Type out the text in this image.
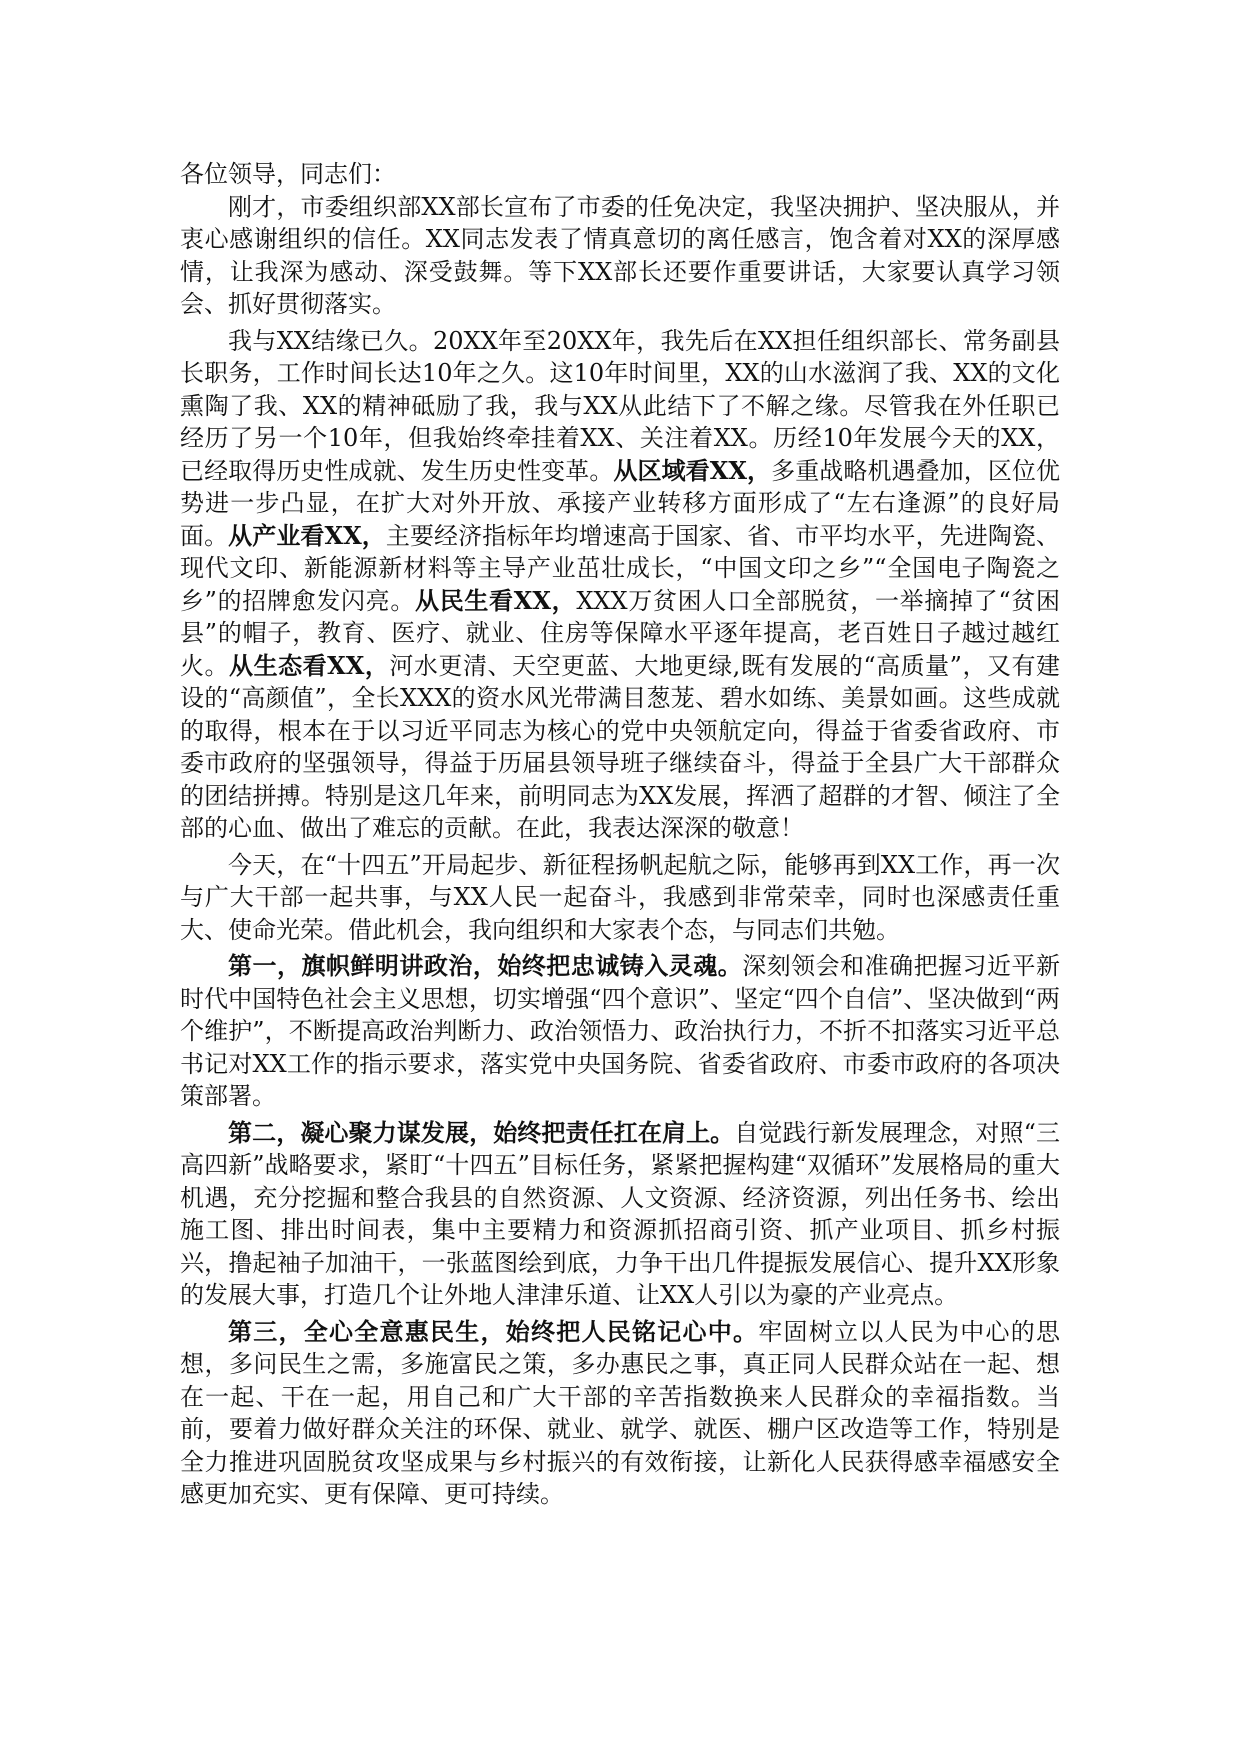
各位领导，同志们：

刚才，市委组织部XX部长宣布了市委的任免决定，我坚决拥护、坚决服从，并衷心感谢组织的信任。XX同志发表了情真意切的离任感言，饱含着对XX的深厚感情，让我深为感动、深受鼓舞。等下XX部长还要作重要讲话，大家要认真学习领会、抓好贯彻落实。

我与XX结缘已久。20XX年至20XX年，我先后在XX担任组织部长、常务副县长职务，工作时间长达10年之久。这10年时间里，XX的山水滋润了我、XX的文化熏陶了我、XX的精神砥励了我，我与XX从此结下了不解之缘。尽管我在外任职已经历了另一个10年，但我始终牵挂着XX、关注着XX。历经10年发展今天的XX，已经取得历史性成就、发生历史性变革。从区域看XX，多重战略机遇叠加，区位优势进一步凸显，在扩大对外开放、承接产业转移方面形成了“左右逢源”的良好局面。从产业看XX，主要经济指标年均增速高于国家、省、市平均水平，先进陶瓷、现代文印、新能源新材料等主导产业茁壮成长，“中国文印之乡”“全国电子陶瓷之乡”的招牌愈发闪亮。从民生看XX，XXX万贫困人口全部脱贫，一举摘掉了“贫困县”的帽子，教育、医疗、就业、住房等保障水平逐年提高，老百姓日子越过越红火。从生态看XX，河水更清、天空更蓝、大地更绿,既有发展的“高质量”，又有建设的“高颜值”，全长XXX的资水风光带满目葱茏、碧水如练、美景如画。这些成就的取得，根本在于以习近平同志为核心的党中央领航定向，得益于省委省政府、市委市政府的坚强领导，得益于历届县领导班子继续奋斗，得益于全县广大干部群众的团结拼搏。特别是这几年来，前明同志为XX发展，挥洒了超群的才智、倾注了全部的心血、做出了难忘的贡献。在此，我表达深深的敬意！

今天，在“十四五”开局起步、新征程扬帆起航之际，能够再到XX工作，再一次与广大干部一起共事，与XX人民一起奋斗，我感到非常荣幸，同时也深感责任重大、使命光荣。借此机会，我向组织和大家表个态，与同志们共勉。

第一，旗帜鲜明讲政治，始终把忠诚铸入灵魂。深刻领会和准确把握习近平新时代中国特色社会主义思想，切实增强“四个意识”、坚定“四个自信”、坚决做到“两个维护”，不断提高政治判断力、政治领悟力、政治执行力，不折不扣落实习近平总书记对XX工作的指示要求，落实党中央国务院、省委省政府、市委市政府的各项决策部署。

第二，凝心聚力谋发展，始终把责任扛在肩上。自觉践行新发展理念，对照“三高四新”战略要求，紧盯“十四五”目标任务，紧紧把握构建“双循环”发展格局的重大机遇，充分挖掘和整合我县的自然资源、人文资源、经济资源，列出任务书、绘出施工图、排出时间表，集中主要精力和资源抓招商引资、抓产业项目、抓乡村振兴，撸起袖子加油干，一张蓝图绘到底，力争干出几件提振发展信心、提升XX形象的发展大事，打造几个让外地人津津乐道、让XX人引以为豪的产业亮点。

第三，全心全意惠民生，始终把人民铭记心中。牢固树立以人民为中心的思想，多问民生之需，多施富民之策，多办惠民之事，真正同人民群众站在一起、想在一起、干在一起，用自己和广大干部的辛苦指数换来人民群众的幸福指数。当前，要着力做好群众关注的环保、就业、就学、就医、棚户区改造等工作，特别是全力推进巩固脱贫攻坚成果与乡村振兴的有效衔接，让新化人民获得感幸福感安全感更加充实、更有保障、更可持续。
